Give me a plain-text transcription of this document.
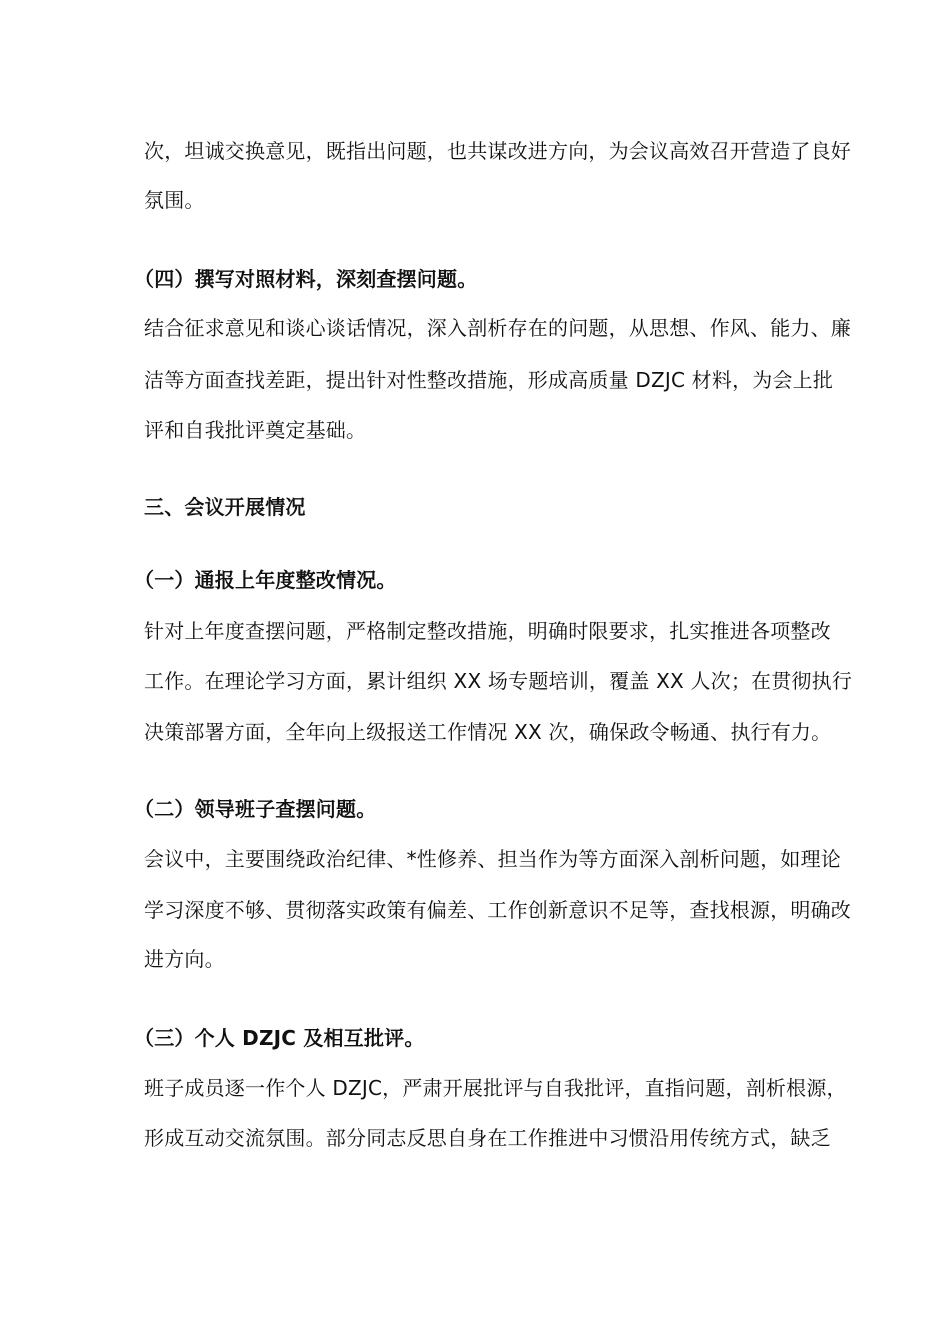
次，坦诚交换意见，既指出问题，也共谋改进方向，为会议高效召开营造了良好
氛围。
（四）撰写对照材料，深刻查摆问题。
结合征求意见和谈心谈话情况，深入剖析存在的问题，从思想、作风、能力、廉
洁等方面查找差距，提出针对性整改措施，形成高质量 DZJC 材料，为会上批
评和自我批评奠定基础。
三、会议开展情况
（一）通报上年度整改情况。
针对上年度查摆问题，严格制定整改措施，明确时限要求，扎实推进各项整改
工作。在理论学习方面，累计组织 XX 场专题培训，覆盖 XX 人次；在贯彻执行
决策部署方面，全年向上级报送工作情况 XX 次，确保政令畅通、执行有力。
（二）领导班子查摆问题。
会议中，主要围绕政治纪律、*性修养、担当作为等方面深入剖析问题，如理论
学习深度不够、贯彻落实政策有偏差、工作创新意识不足等，查找根源，明确改
进方向。
（三）个人 DZJC 及相互批评。
班子成员逐一作个人 DZJC，严肃开展批评与自我批评，直指问题，剖析根源，
形成互动交流氛围。部分同志反思自身在工作推进中习惯沿用传统方式，缺乏
